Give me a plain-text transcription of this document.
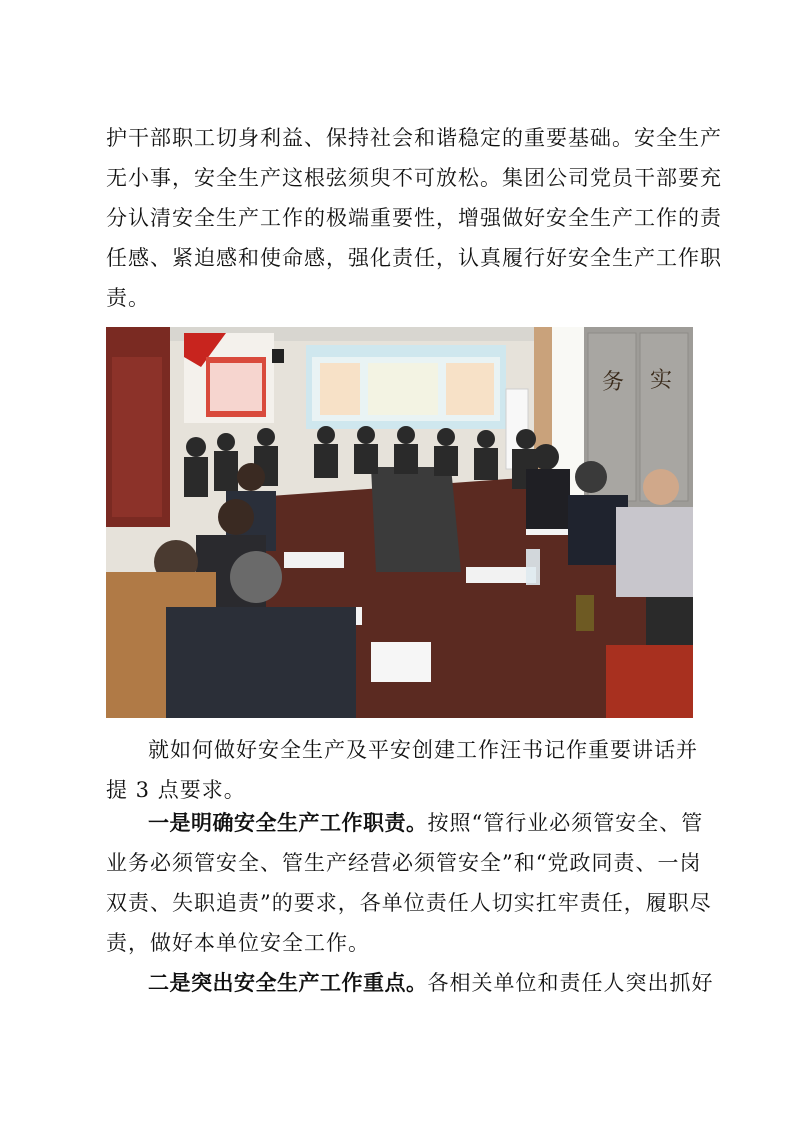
护干部职工切身利益、保持社会和谐稳定的重要基础。安全生产
无小事，安全生产这根弦须臾不可放松。集团公司党员干部要充
分认清安全生产工作的极端重要性，增强做好安全生产工作的责
任感、紧迫感和使命感，强化责任，认真履行好安全生产工作职
责。

务 实

就如何做好安全生产及平安创建工作汪书记作重要讲话并
提 3 点要求。

一是明确安全生产工作职责。按照“管行业必须管安全、管
业务必须管安全、管生产经营必须管安全”和“党政同责、一岗
双责、失职追责”的要求，各单位责任人切实扛牢责任，履职尽
责，做好本单位安全工作。

二是突出安全生产工作重点。各相关单位和责任人突出抓好
